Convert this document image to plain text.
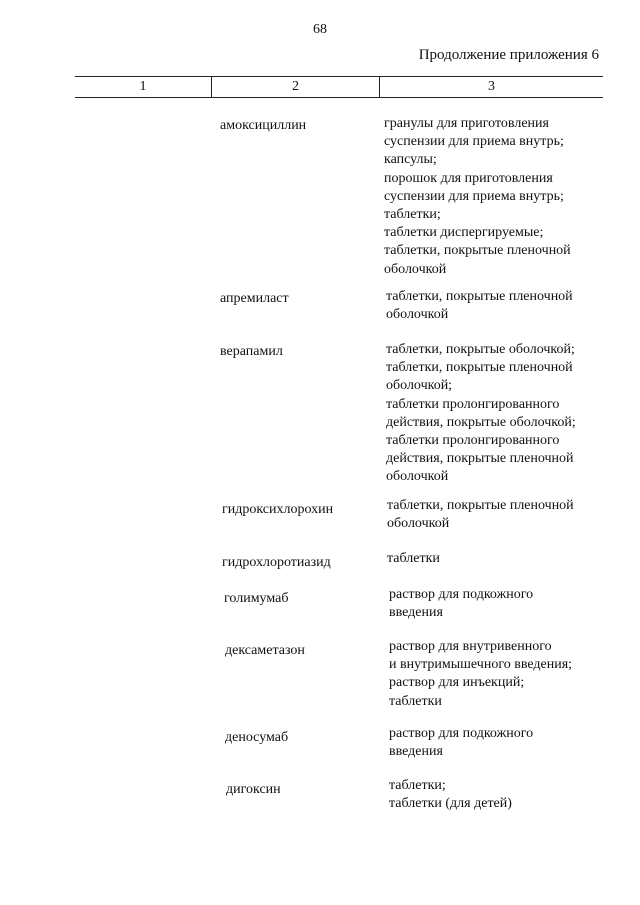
68
Продолжение приложения 6
1	2	3
амоксициллин	гранулы для приготовления
суспензии для приема внутрь;
капсулы;
порошок для приготовления
суспензии для приема внутрь;
таблетки;
таблетки диспергируемые;
таблетки, покрытые пленочной
оболочкой
апремиласт	таблетки, покрытые пленочной
оболочкой
верапамил	таблетки, покрытые оболочкой;
таблетки, покрытые пленочной
оболочкой;
таблетки пролонгированного
действия, покрытые оболочкой;
таблетки пролонгированного
действия, покрытые пленочной
оболочкой
гидроксихлорохин	таблетки, покрытые пленочной
оболочкой
гидрохлоротиазид	таблетки
голимумаб	раствор для подкожного
введения
дексаметазон	раствор для внутривенного
и внутримышечного введения;
раствор для инъекций;
таблетки
деносумаб	раствор для подкожного
введения
дигоксин	таблетки;
таблетки (для детей)
